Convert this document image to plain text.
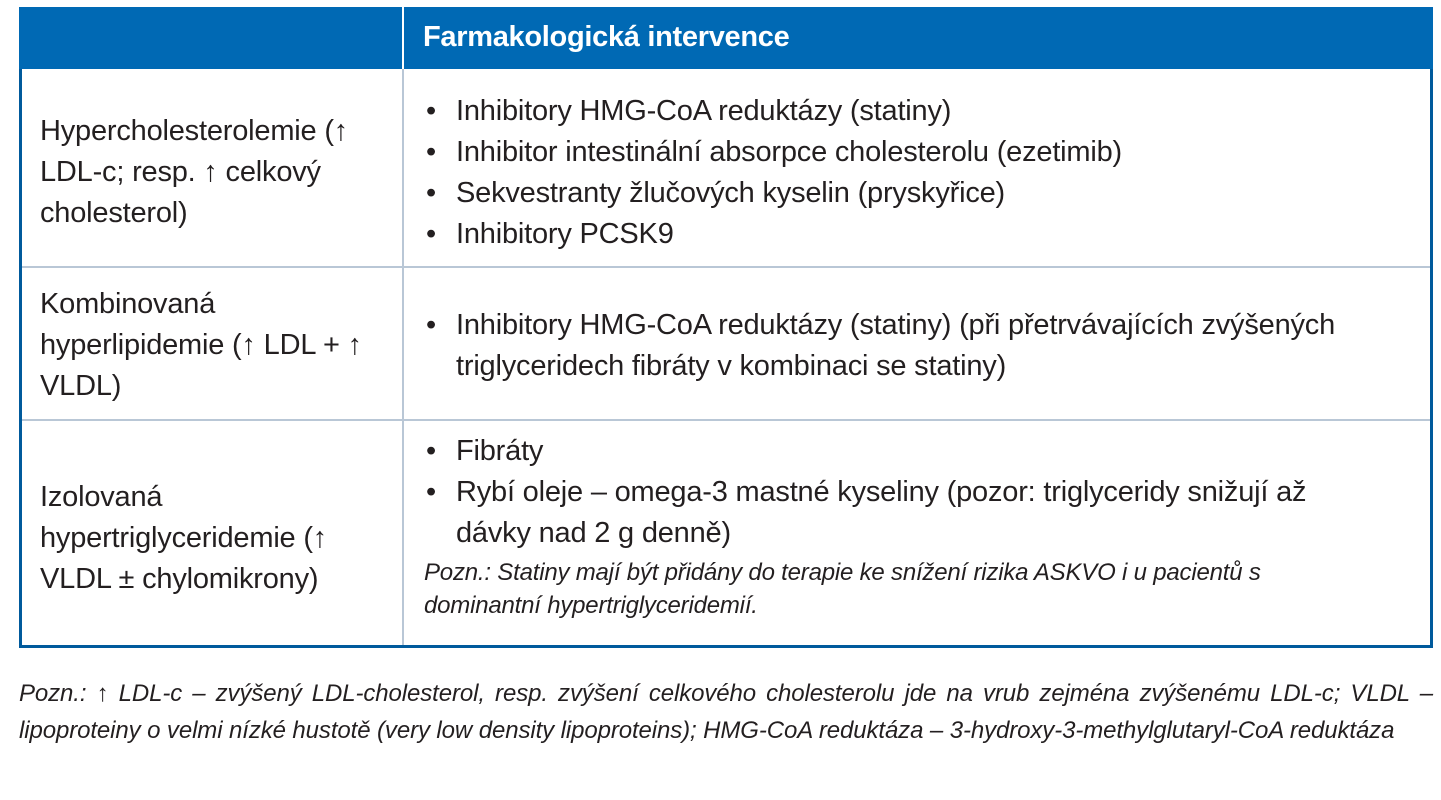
Farmakologická intervence
Hypercholesterolemie (↑ LDL-c; resp. ↑ celkový cholesterol)
• Inhibitory HMG-CoA reduktázy (statiny)
• Inhibitor intestinální absorpce cholesterolu (ezetimib)
• Sekvestranty žlučových kyselin (pryskyřice)
• Inhibitory PCSK9
Kombinovaná hyperlipidemie (↑ LDL + ↑ VLDL)
• Inhibitory HMG-CoA reduktázy (statiny) (při přetrvávajících zvýšených triglyceridech fibráty v kombinaci se statiny)
Izolovaná hypertriglyceridemie (↑ VLDL ± chylomikrony)
• Fibráty
• Rybí oleje – omega-3 mastné kyseliny (pozor: triglyceridy snižují až dávky nad 2 g denně)
Pozn.: Statiny mají být přidány do terapie ke snížení rizika ASKVO i u pacientů s dominantní hypertriglyceridemií.
Pozn.: ↑ LDL-c – zvýšený LDL-cholesterol, resp. zvýšení celkového cholesterolu jde na vrub zejména zvýšenému LDL-c; VLDL – lipoproteiny o velmi nízké hustotě (very low density lipoproteins); HMG-CoA reduktáza – 3-hydroxy-3-methylglutaryl-CoA reduktáza
